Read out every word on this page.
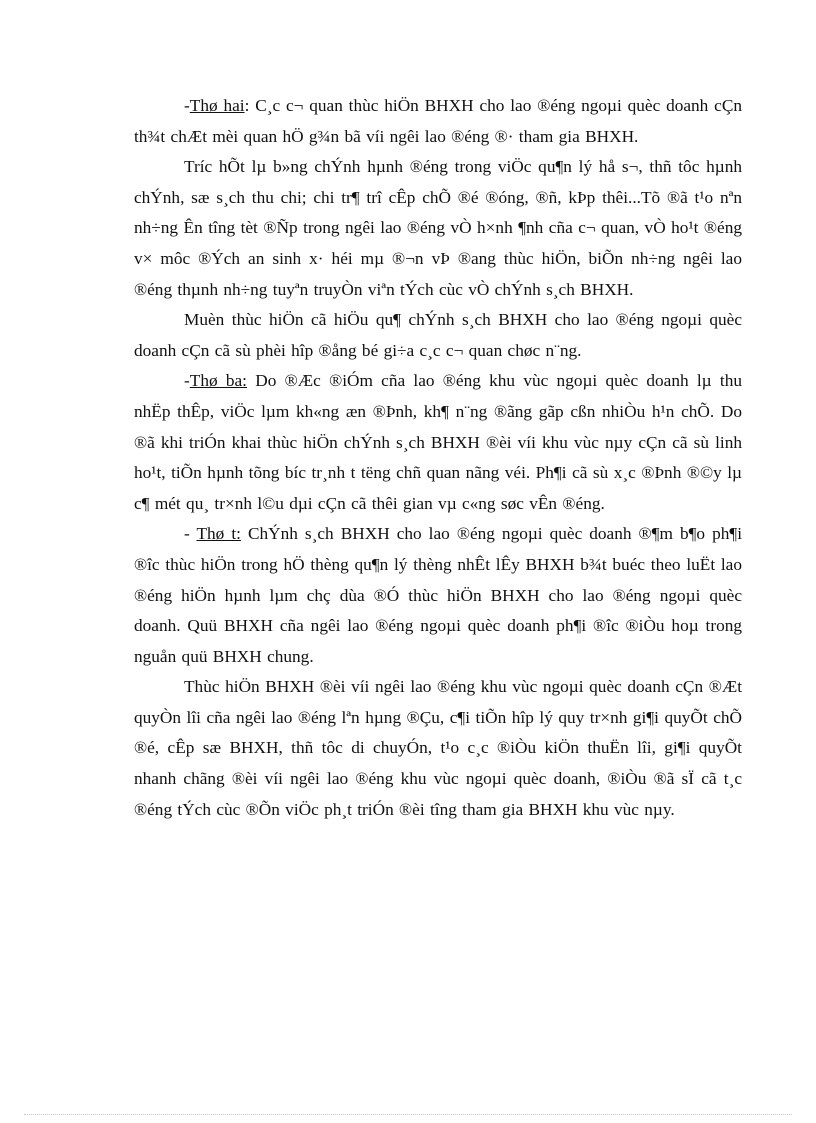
-Thø hai: C¸c c¬ quan thùc hiÖn BHXH cho lao ®éng ngoµi quèc doanh cÇn th¾t chÆt mèi quan hÖ g¾n bã víi ngêi lao ®éng ®· tham gia BHXH.

Tríc hÕt lµ b»ng chÝnh hµnh ®éng trong viÖc qu¶n lý hå s¬, thñ tôc hµnh chÝnh, sæ s¸ch thu chi; chi tr¶ trî cÊp chÕ ®é ®óng, ®ñ, kÞp thêi...Tõ ®ã t¹o nªn nh÷ng Ên tîng tèt ®Ñp trong ngêi lao ®éng vÒ h×nh ¶nh cña c¬ quan, vÒ ho¹t ®éng v× môc ®Ých an sinh x· héi mµ ®¬n vÞ ®ang thùc hiÖn, biÕn nh÷ng ngêi lao ®éng thµnh nh÷ng tuyªn truyÒn viªn tÝch cùc vÒ chÝnh s¸ch BHXH.

Muèn thùc hiÖn cã hiÖu qu¶ chÝnh s¸ch BHXH cho lao ®éng ngoµi quèc doanh cÇn cã sù phèi hîp ®ång bé gi÷a c¸c c¬ quan chøc n¨ng.

-Thø ba: Do ®Æc ®iÓm cña lao ®éng khu vùc ngoµi quèc doanh lµ thu nhËp thÊp, viÖc lµm kh«ng æn ®Þnh, kh¶ n¨ng ®ãng gãp cßn nhiÒu h¹n chÕ. Do ®ã khi triÓn khai thùc hiÖn chÝnh s¸ch BHXH ®èi víi khu vùc nµy cÇn cã sù linh ho¹t, tiÕn hµnh tõng bíc tr¸nh t tëng chñ quan nãng véi. Ph¶i cã sù x¸c ®Þnh ®©y lµ c¶ mét qu¸ tr×nh l©u dµi cÇn cã thêi gian vµ c«ng søc vÊn ®éng.

- Thø t: ChÝnh s¸ch BHXH cho lao ®éng ngoµi quèc doanh ®¶m b¶o ph¶i ®îc thùc hiÖn trong hÖ thèng qu¶n lý thèng nhÊt lÊy BHXH b¾t buéc theo luËt lao ®éng hiÖn hµnh lµm chç dùa ®Ó thùc hiÖn BHXH cho lao ®éng ngoµi quèc doanh. Quü BHXH cña ngêi lao ®éng ngoµi quèc doanh ph¶i ®îc ®iÒu hoµ trong nguån quü BHXH chung.

Thùc hiÖn BHXH ®èi víi ngêi lao ®éng khu vùc ngoµi quèc doanh cÇn ®Æt quyÒn lîi cña ngêi lao ®éng lªn hµng ®Çu, c¶i tiÕn hîp lý quy tr×nh gi¶i quyÕt chÕ ®é, cÊp sæ BHXH, thñ tôc di chuyÓn, t¹o c¸c ®iÒu kiÖn thuËn lîi, gi¶i quyÕt nhanh chãng ®èi víi ngêi lao ®éng khu vùc ngoµi quèc doanh, ®iÒu ®ã sÏ cã t¸c ®éng tÝch cùc ®Õn viÖc ph¸t triÓn ®èi tîng tham gia BHXH khu vùc nµy.
